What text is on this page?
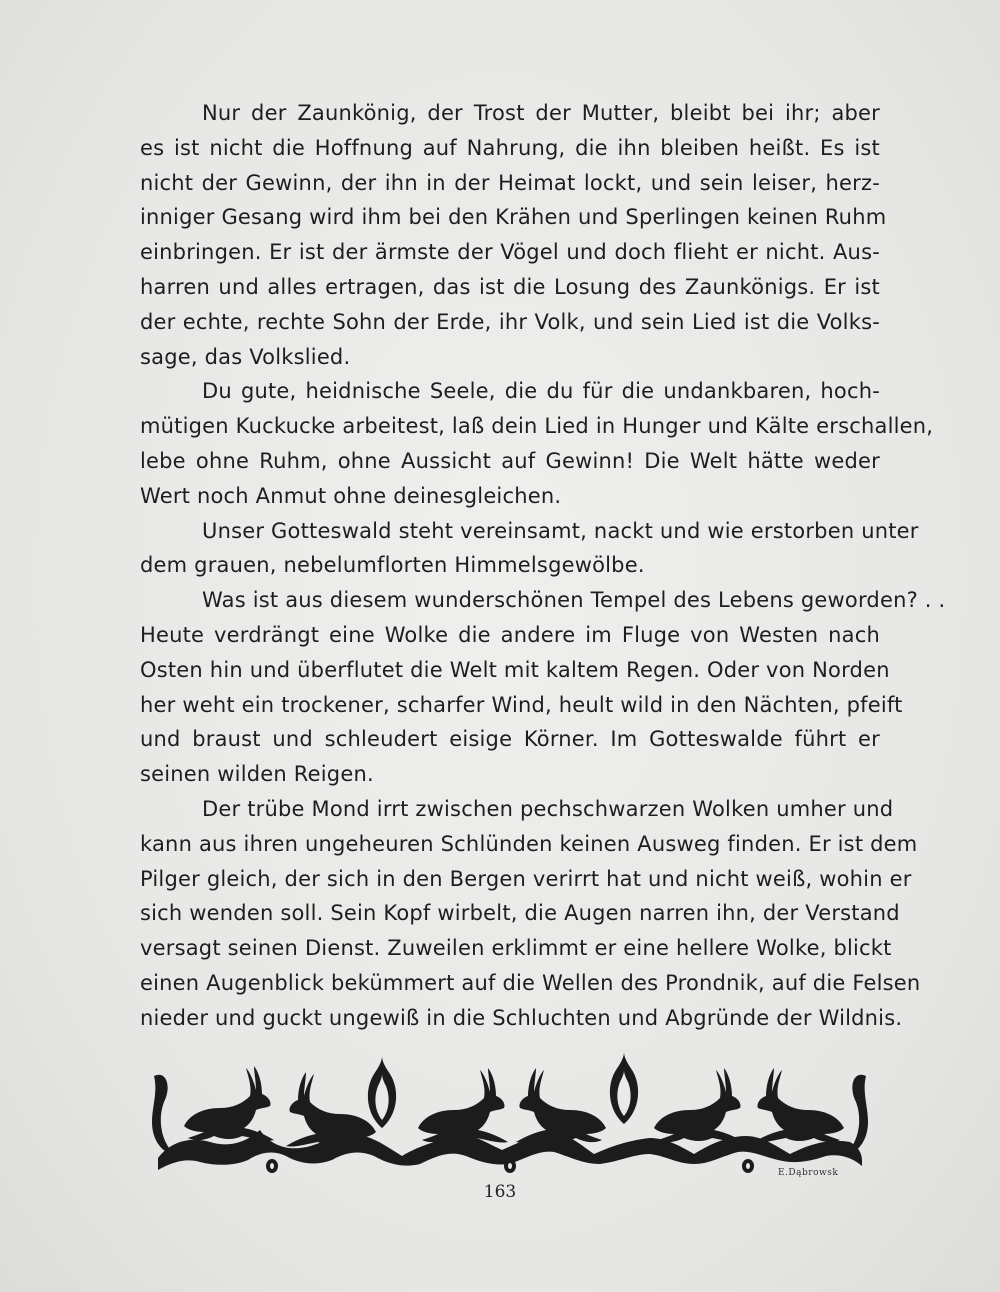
Nur der Zaunkönig, der Trost der Mutter, bleibt bei ihr; aber
es ist nicht die Hoffnung auf Nahrung, die ihn bleiben heißt. Es ist
nicht der Gewinn, der ihn in der Heimat lockt, und sein leiser, herz-
inniger Gesang wird ihm bei den Krähen und Sperlingen keinen Ruhm
einbringen. Er ist der ärmste der Vögel und doch flieht er nicht. Aus-
harren und alles ertragen, das ist die Losung des Zaunkönigs. Er ist
der echte, rechte Sohn der Erde, ihr Volk, und sein Lied ist die Volks-
sage, das Volkslied.

Du gute, heidnische Seele, die du für die undankbaren, hoch-
mütigen Kuckucke arbeitest, laß dein Lied in Hunger und Kälte erschallen,
lebe ohne Ruhm, ohne Aussicht auf Gewinn! Die Welt hätte weder
Wert noch Anmut ohne deinesgleichen.

Unser Gotteswald steht vereinsamt, nackt und wie erstorben unter
dem grauen, nebelumflorten Himmelsgewölbe.

Was ist aus diesem wunderschönen Tempel des Lebens geworden? . .
Heute verdrängt eine Wolke die andere im Fluge von Westen nach
Osten hin und überflutet die Welt mit kaltem Regen. Oder von Norden
her weht ein trockener, scharfer Wind, heult wild in den Nächten, pfeift
und braust und schleudert eisige Körner. Im Gotteswalde führt er
seinen wilden Reigen.

Der trübe Mond irrt zwischen pechschwarzen Wolken umher und
kann aus ihren ungeheuren Schlünden keinen Ausweg finden. Er ist dem
Pilger gleich, der sich in den Bergen verirrt hat und nicht weiß, wohin er
sich wenden soll. Sein Kopf wirbelt, die Augen narren ihn, der Verstand
versagt seinen Dienst. Zuweilen erklimmt er eine hellere Wolke, blickt
einen Augenblick bekümmert auf die Wellen des Prondnik, auf die Felsen
nieder und guckt ungewiß in die Schluchten und Abgründe der Wildnis.

E.Dąbrowsk
163
